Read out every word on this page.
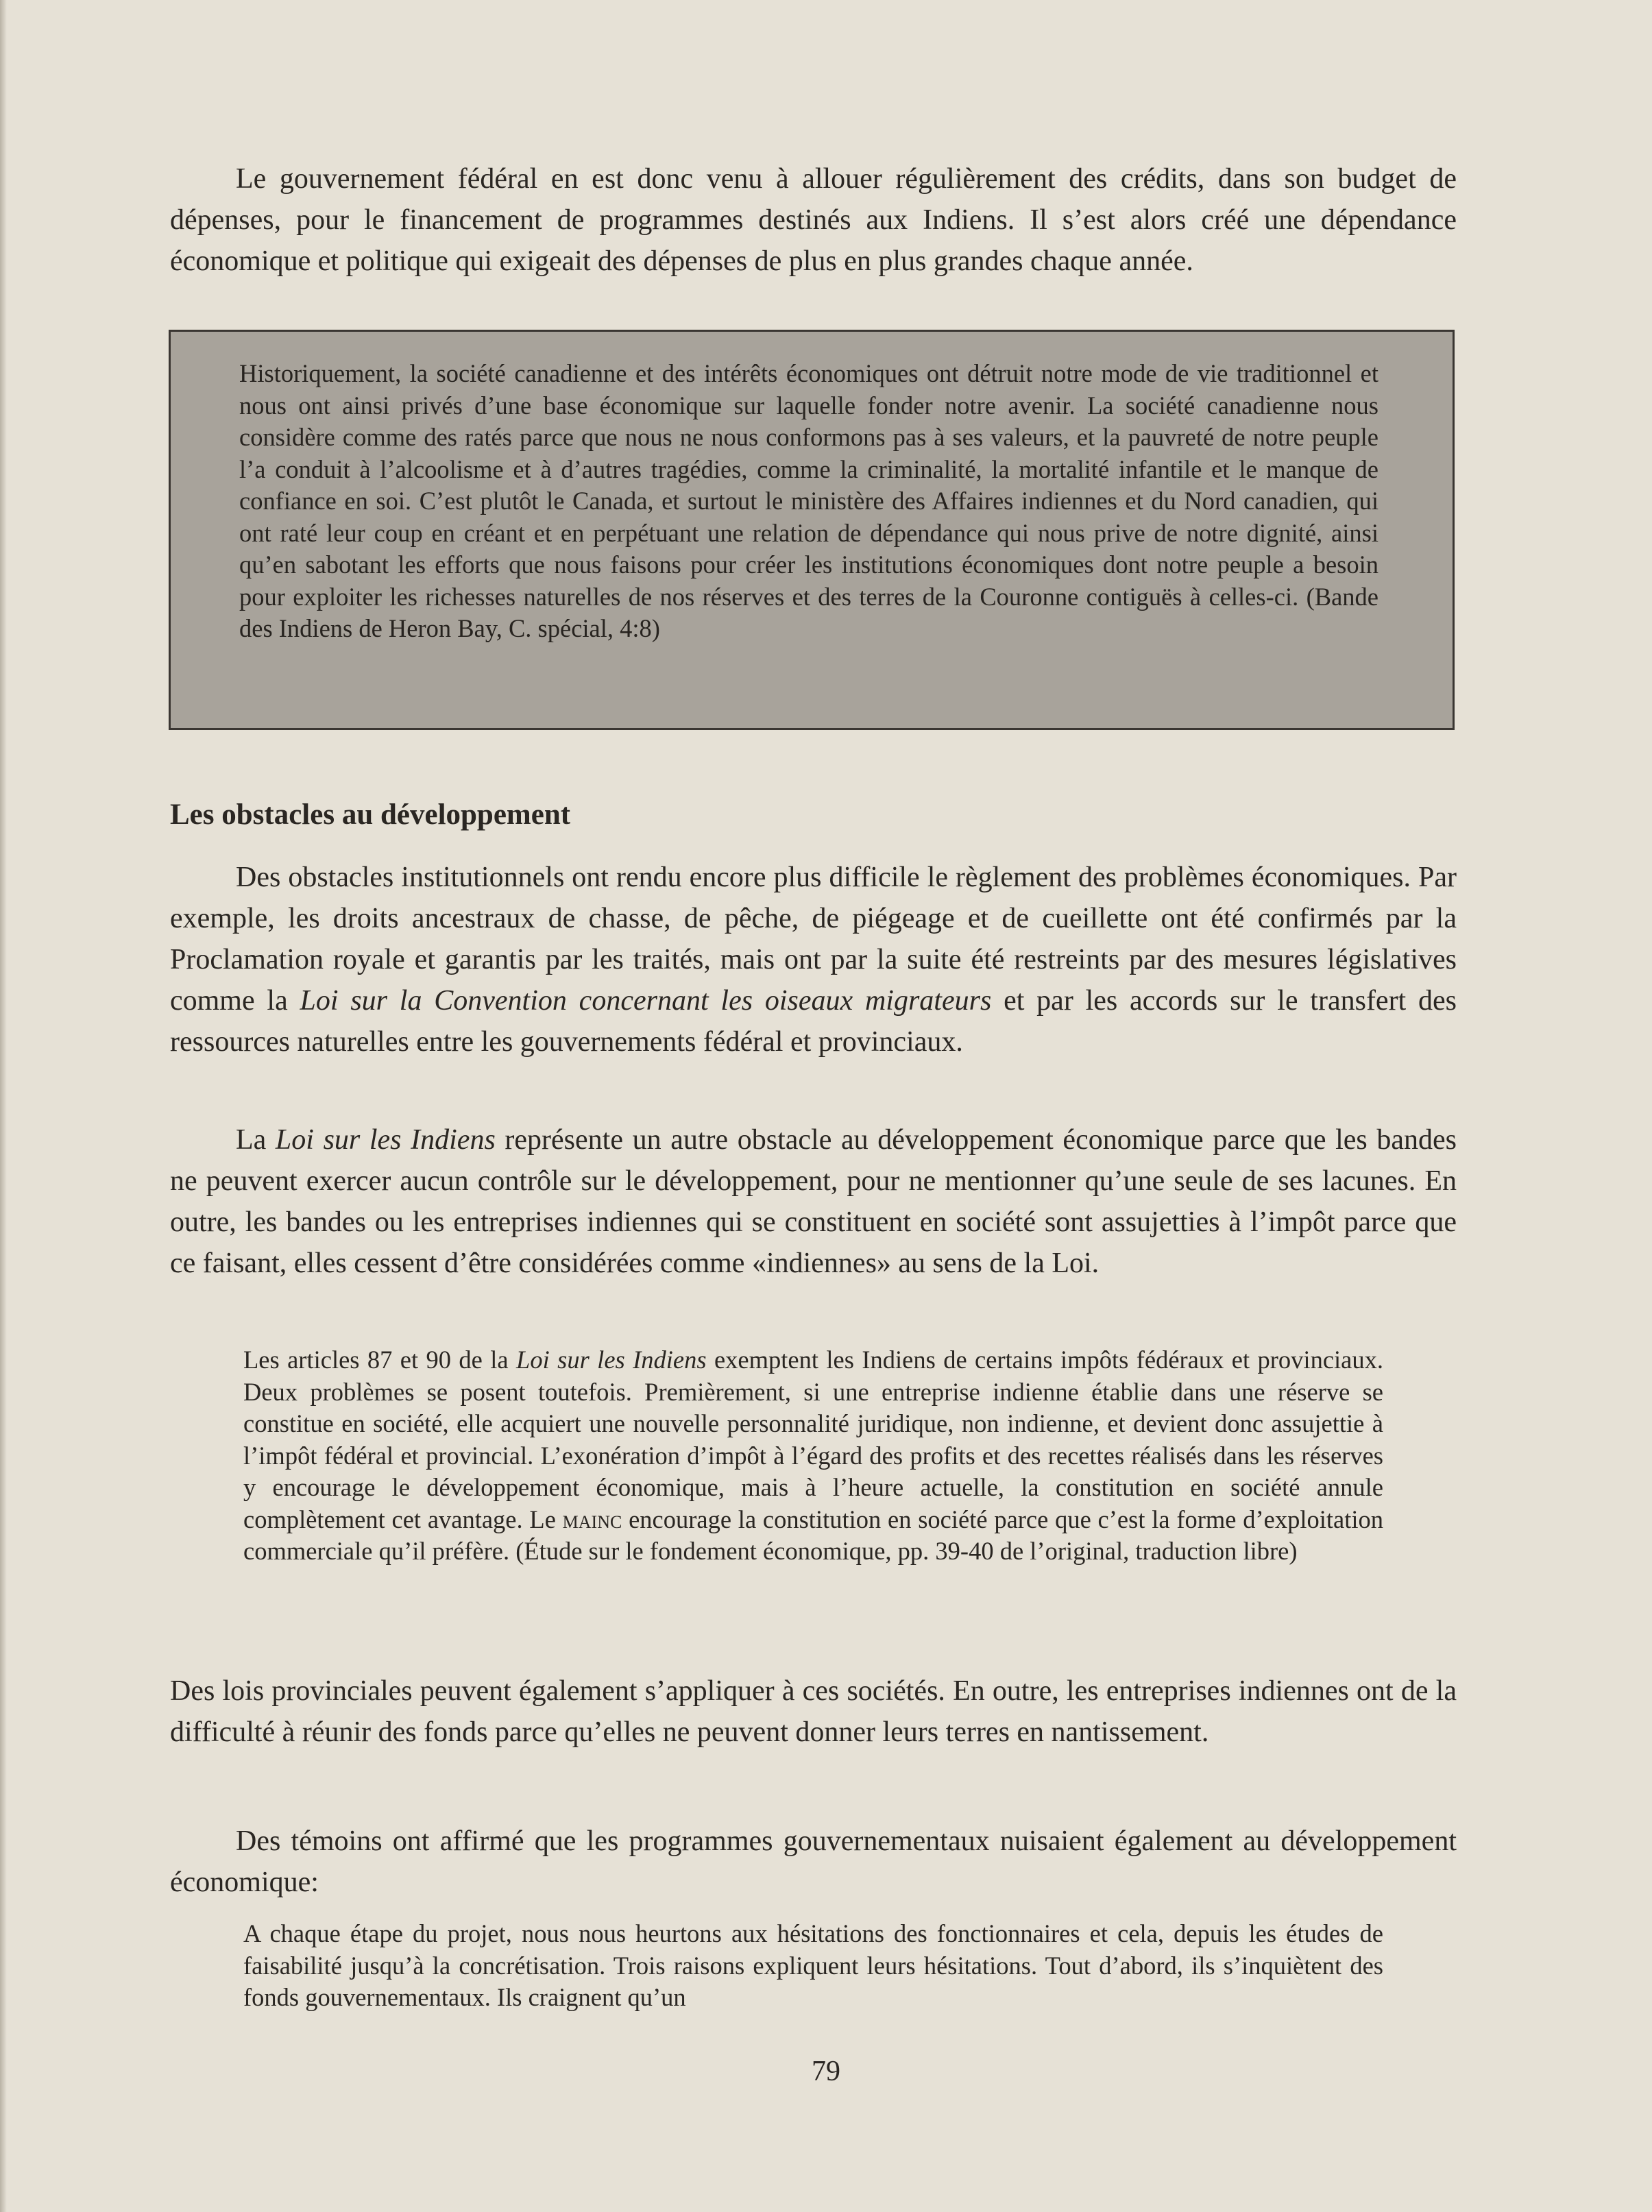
Le gouvernement fédéral en est donc venu à allouer régulièrement des crédits, dans son budget de dépenses, pour le financement de programmes destinés aux Indiens. Il s’est alors créé une dépendance économique et politique qui exigeait des dépenses de plus en plus grandes chaque année.

Historiquement, la société canadienne et des intérêts économiques ont détruit notre mode de vie traditionnel et nous ont ainsi privés d’une base économique sur laquelle fonder notre avenir. La société canadienne nous considère comme des ratés parce que nous ne nous conformons pas à ses valeurs, et la pauvreté de notre peuple l’a conduit à l’alcoolisme et à d’autres tragédies, comme la criminalité, la mortalité infantile et le manque de confiance en soi. C’est plutôt le Canada, et surtout le ministère des Affaires indiennes et du Nord canadien, qui ont raté leur coup en créant et en perpétuant une relation de dépendance qui nous prive de notre dignité, ainsi qu’en sabotant les efforts que nous faisons pour créer les institutions économiques dont notre peuple a besoin pour exploiter les richesses naturelles de nos réserves et des terres de la Couronne contiguës à celles-ci. (Bande des Indiens de Heron Bay, C. spécial, 4:8)

Les obstacles au développement

Des obstacles institutionnels ont rendu encore plus difficile le règlement des problèmes économiques. Par exemple, les droits ancestraux de chasse, de pêche, de piégeage et de cueillette ont été confirmés par la Proclamation royale et garantis par les traités, mais ont par la suite été restreints par des mesures législatives comme la Loi sur la Convention concernant les oiseaux migrateurs et par les accords sur le transfert des ressources naturelles entre les gouvernements fédéral et provinciaux.

La Loi sur les Indiens représente un autre obstacle au développement économique parce que les bandes ne peuvent exercer aucun contrôle sur le développement, pour ne mentionner qu’une seule de ses lacunes. En outre, les bandes ou les entreprises indiennes qui se constituent en société sont assujetties à l’impôt parce que ce faisant, elles cessent d’être considérées comme «indiennes» au sens de la Loi.

Les articles 87 et 90 de la Loi sur les Indiens exemptent les Indiens de certains impôts fédéraux et provinciaux. Deux problèmes se posent toutefois. Premièrement, si une entreprise indienne établie dans une réserve se constitue en société, elle acquiert une nouvelle personnalité juridique, non indienne, et devient donc assujettie à l’impôt fédéral et provincial. L’exonération d’impôt à l’égard des profits et des recettes réalisés dans les réserves y encourage le développement économique, mais à l’heure actuelle, la constitution en société annule complètement cet avantage. Le mainc encourage la constitution en société parce que c’est la forme d’exploitation commerciale qu’il préfère. (Étude sur le fondement économique, pp. 39-40 de l’original, traduction libre)

Des lois provinciales peuvent également s’appliquer à ces sociétés. En outre, les entreprises indiennes ont de la difficulté à réunir des fonds parce qu’elles ne peuvent donner leurs terres en nantissement.

Des témoins ont affirmé que les programmes gouvernementaux nuisaient également au développement économique:

A chaque étape du projet, nous nous heurtons aux hésitations des fonctionnaires et cela, depuis les études de faisabilité jusqu’à la concrétisation. Trois raisons expliquent leurs hésitations. Tout d’abord, ils s’inquiètent des fonds gouvernementaux. Ils craignent qu’un

79
